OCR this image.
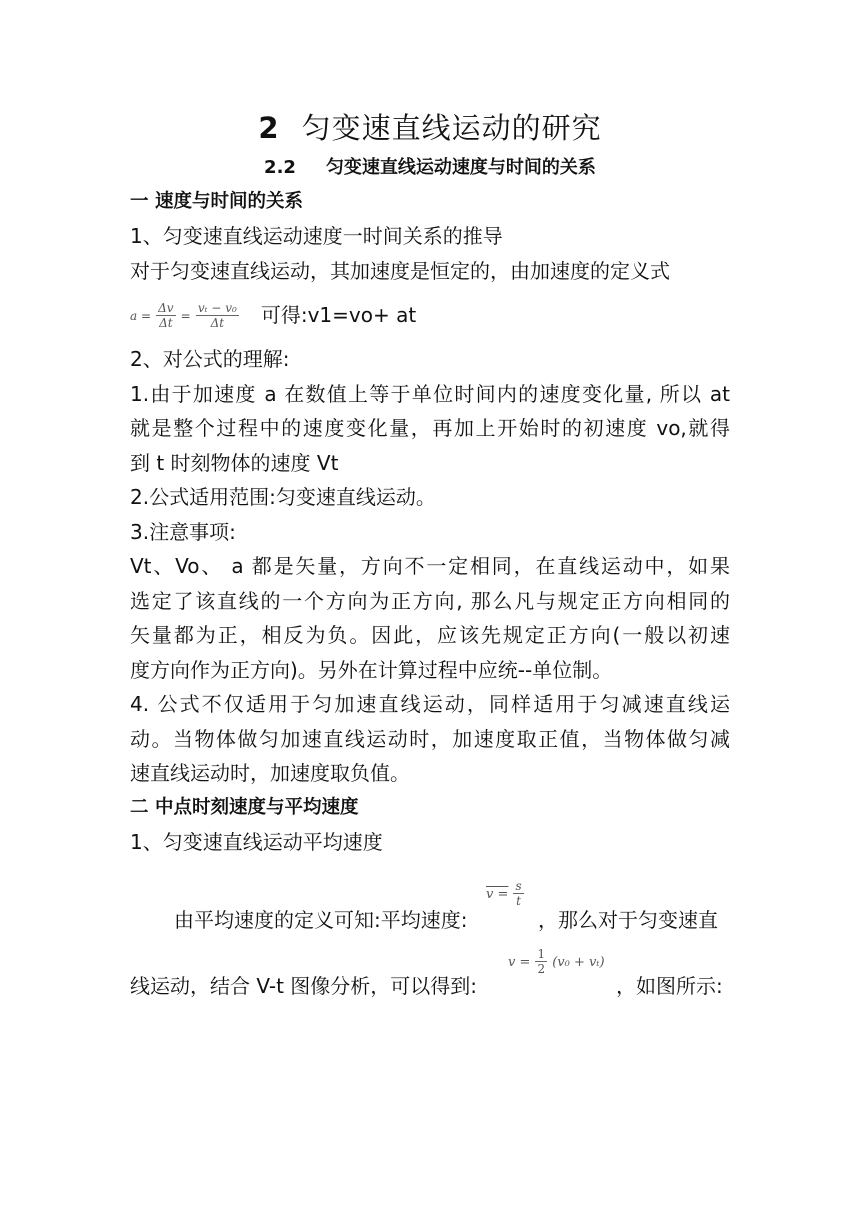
2 匀变速直线运动的研究
2.2 匀变速直线运动速度与时间的关系
一 速度与时间的关系
1、匀变速直线运动速度一时间关系的推导
对于匀变速直线运动，其加速度是恒定的，由加速度的定义式
$a = \frac{\Delta v}{\Delta t} = \frac{\text{vₜ − v₀}}{\Delta t}$ 可得:v1=vo+ at
2、对公式的理解:
1.由于加速度 a 在数值上等于单位时间内的速度变化量, 所以 at
就是整个过程中的速度变化量，再加上开始时的初速度 vo,就得
到 t 时刻物体的速度 Vt
2.公式适用范围:匀变速直线运动。
3.注意事项:
Vt、Vo、 a 都是矢量，方向不一定相同，在直线运动中，如果
选定了该直线的一个方向为正方向, 那么凡与规定正方向相同的
矢量都为正，相反为负。因此，应该先规定正方向(一般以初速
度方向作为正方向)。另外在计算过程中应统--单位制。
4. 公式不仅适用于匀加速直线运动，同样适用于匀减速直线运
动。当物体做匀加速直线运动时，加速度取正值，当物体做匀减
速直线运动时，加速度取负值。
二 中点时刻速度与平均速度
1、匀变速直线运动平均速度
由平均速度的定义可知:平均速度:
$v = \frac{s}{t}$
，那么对于匀变速直
线运动，结合 V-t 图像分析，可以得到:
$v = \frac{1}{2} (v_0 + v_t)$
，如图所示:
